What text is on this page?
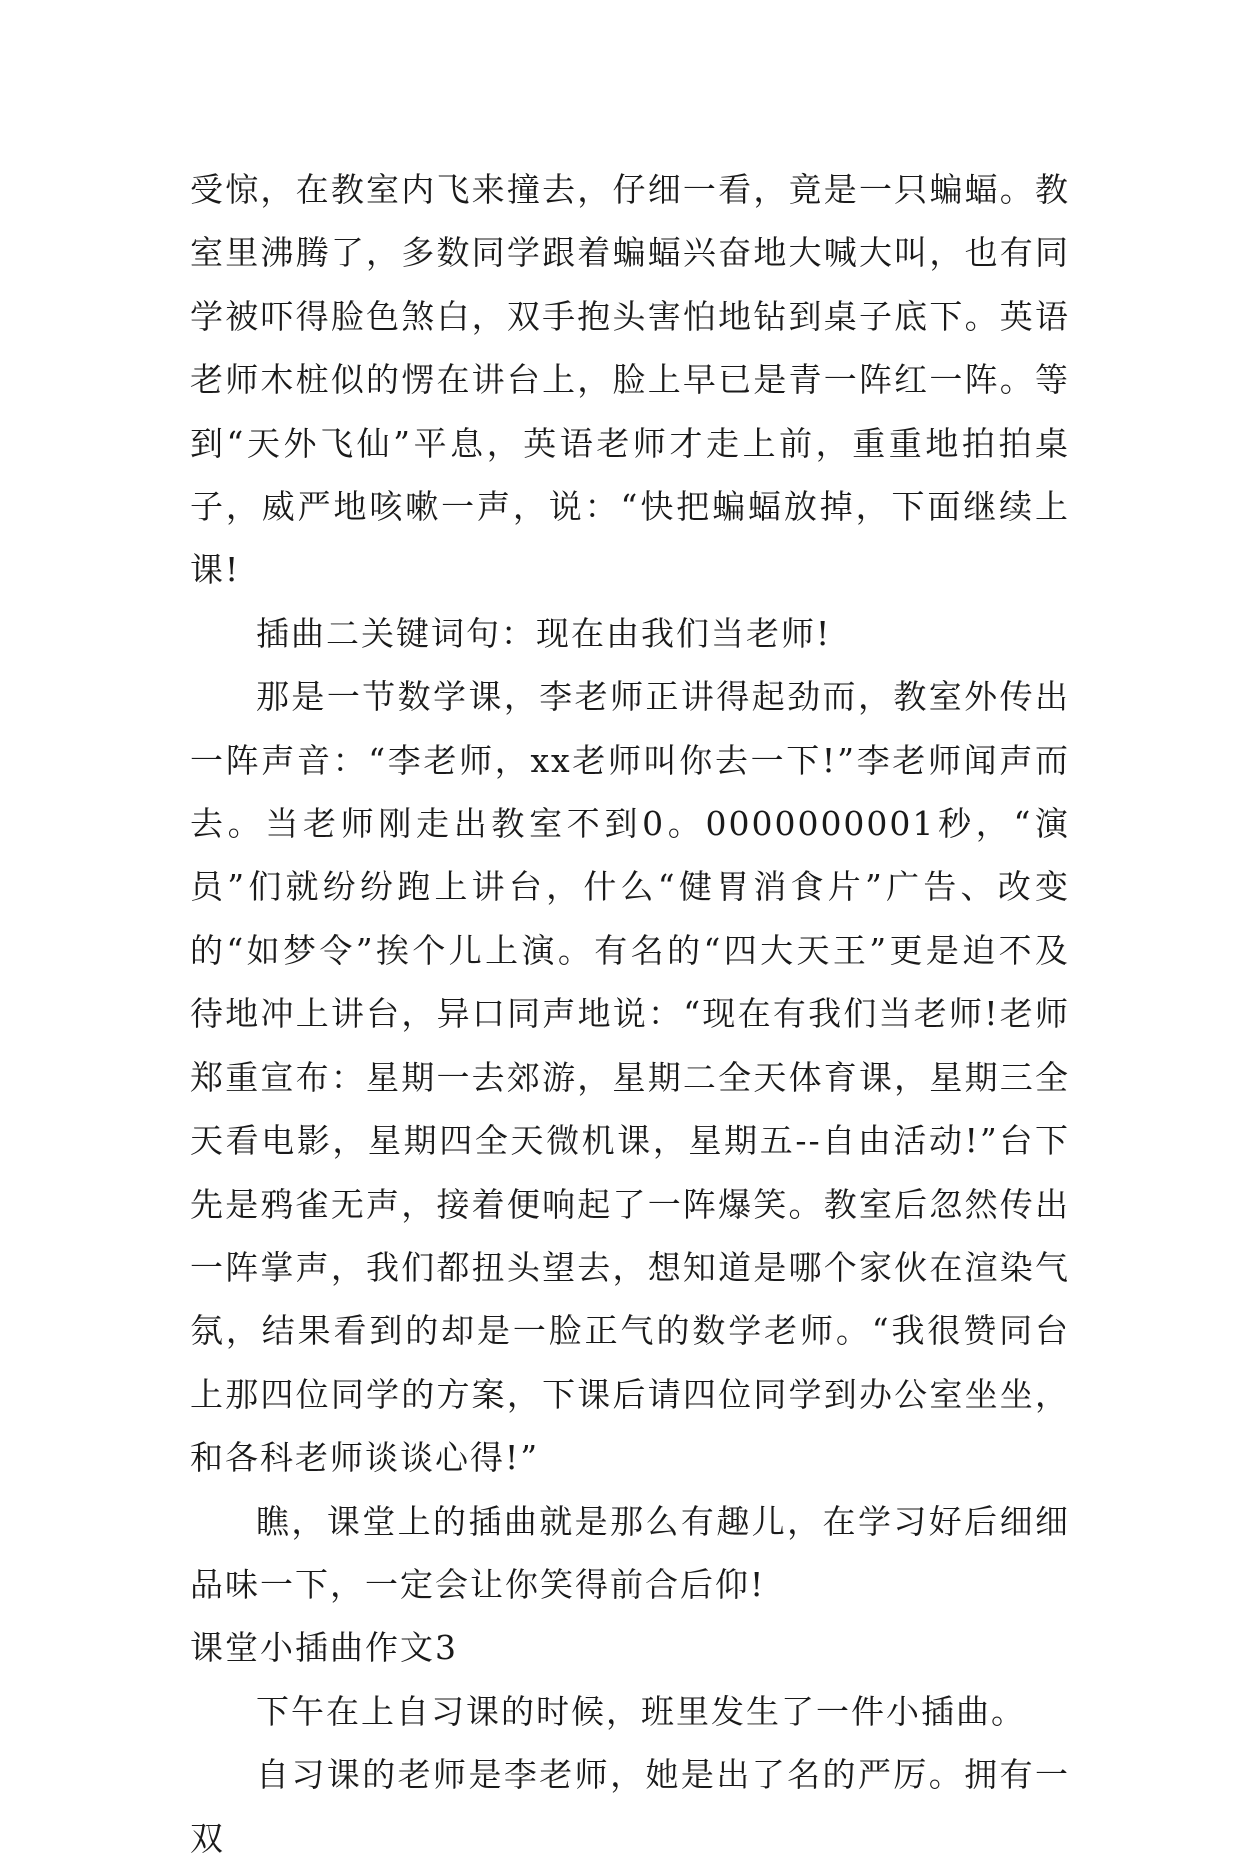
受惊，在教室内飞来撞去，仔细一看，竟是一只蝙蝠。教室里沸腾了，多数同学跟着蝙蝠兴奋地大喊大叫，也有同学被吓得脸色煞白，双手抱头害怕地钻到桌子底下。英语老师木桩似的愣在讲台上，脸上早已是青一阵红一阵。等到“天外飞仙”平息，英语老师才走上前，重重地拍拍桌子，威严地咳嗽一声，说：“快把蝙蝠放掉，下面继续上课!

插曲二关键词句：现在由我们当老师!

那是一节数学课，李老师正讲得起劲而，教室外传出一阵声音：“李老师，xx老师叫你去一下!”李老师闻声而去。当老师刚走出教室不到0。0000000001秒，“演员”们就纷纷跑上讲台，什么“健胃消食片”广告、改变的“如梦令”挨个儿上演。有名的“四大天王”更是迫不及待地冲上讲台，异口同声地说：“现在有我们当老师!老师郑重宣布：星期一去郊游，星期二全天体育课，星期三全天看电影，星期四全天微机课，星期五--自由活动!”台下先是鸦雀无声，接着便响起了一阵爆笑。教室后忽然传出一阵掌声，我们都扭头望去，想知道是哪个家伙在渲染气氛，结果看到的却是一脸正气的数学老师。“我很赞同台上那四位同学的方案，下课后请四位同学到办公室坐坐，和各科老师谈谈心得!”

瞧，课堂上的插曲就是那么有趣儿，在学习好后细细品味一下，一定会让你笑得前合后仰!

课堂小插曲作文3

下午在上自习课的时候，班里发生了一件小插曲。

自习课的老师是李老师，她是出了名的严厉。拥有一双
